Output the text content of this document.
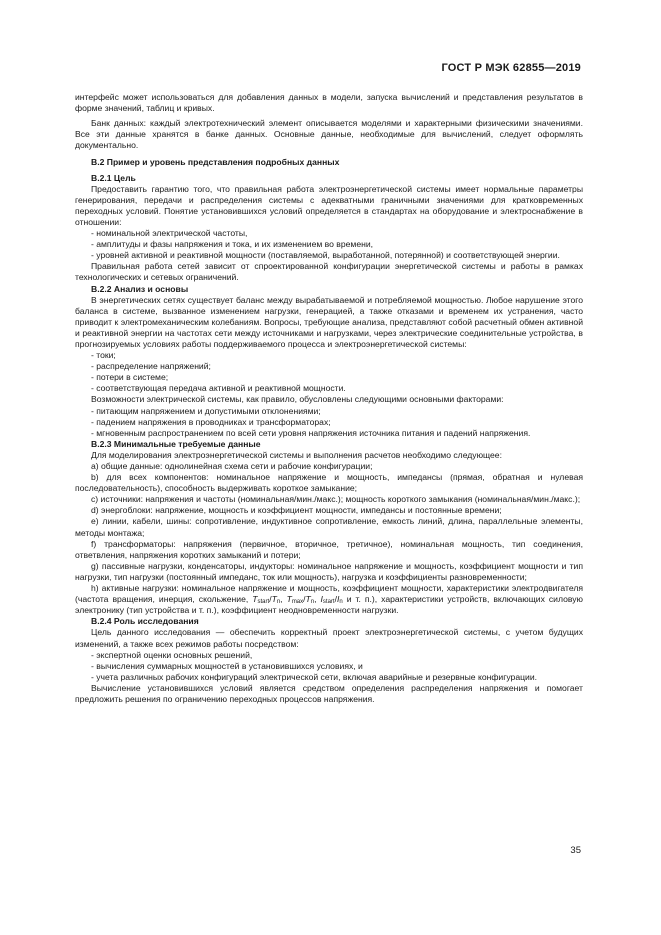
ГОСТ Р МЭК 62855—2019

интерфейс может использоваться для добавления данных в модели, запуска вычислений и представления результатов в форме значений, таблиц и кривых.

Банк данных: каждый электротехнический элемент описывается моделями и характерными физическими значениями. Все эти данные хранятся в банке данных. Основные данные, необходимые для вычислений, следует оформлять документально.

В.2 Пример и уровень представления подробных данных

В.2.1 Цель

Предоставить гарантию того, что правильная работа электроэнергетической системы имеет нормальные параметры генерирования, передачи и распределения системы с адекватными граничными значениями для кратковременных переходных условий. Понятие установившихся условий определяется в стандартах на оборудование и электроснабжение в отношении:

- номинальной электрической частоты,

- амплитуды и фазы напряжения и тока, и их изменением во времени,

- уровней активной и реактивной мощности (поставляемой, выработанной, потерянной) и соответствующей энергии.

Правильная работа сетей зависит от спроектированной конфигурации энергетической системы и работы в рамках технологических и сетевых ограничений.

В.2.2 Анализ и основы

В энергетических сетях существует баланс между вырабатываемой и потребляемой мощностью. Любое нарушение этого баланса в системе, вызванное изменением нагрузки, генерацией, а также отказами и временем их устранения, часто приводит к электромеханическим колебаниям. Вопросы, требующие анализа, представляют собой расчетный обмен активной и реактивной энергии на частотах сети между источниками и нагрузками, через электрические соединительные устройства, в прогнозируемых условиях работы поддерживаемого процесса и электроэнергетической системы:

- токи;

- распределение напряжений;

- потери в системе;

- соответствующая передача активной и реактивной мощности.

Возможности электрической системы, как правило, обусловлены следующими основными факторами:

- питающим напряжением и допустимыми отклонениями;

- падением напряжения в проводниках и трансформаторах;

- мгновенным распространением по всей сети уровня напряжения источника питания и падений напряжения.

В.2.3 Минимальные требуемые данные

Для моделирования электроэнергетической системы и выполнения расчетов необходимо следующее:

a) общие данные: однолинейная схема сети и рабочие конфигурации;

b) для всех компонентов: номинальное напряжение и мощность, импедансы (прямая, обратная и нулевая последовательность), способность выдерживать короткое замыкание;

c) источники: напряжения и частоты (номинальная/мин./макс.); мощность короткого замыкания (номинальная/мин./макс.);

d) энергоблоки: напряжение, мощность и коэффициент мощности, импедансы и постоянные времени;

e) линии, кабели, шины: сопротивление, индуктивное сопротивление, емкость линий, длина, параллельные элементы, методы монтажа;

f) трансформаторы: напряжения (первичное, вторичное, третичное), номинальная мощность, тип соединения, ответвления, напряжения коротких замыканий и потери;

g) пассивные нагрузки, конденсаторы, индукторы: номинальное напряжение и мощность, коэффициент мощности и тип нагрузки, тип нагрузки (постоянный импеданс, ток или мощность), нагрузка и коэффициенты разновременности;

h) активные нагрузки: номинальное напряжение и мощность, коэффициент мощности, характеристики электродвигателя (частота вращения, инерция, скольжение, $T_{start}/T_n$, $T_{max}/T_n$, $I_{start}/I_n$ и т. п.), характеристики устройств, включающих силовую электронику (тип устройства и т. п.), коэффициент неодновременности нагрузки.

В.2.4 Роль исследования

Цель данного исследования — обеспечить корректный проект электроэнергетической системы, с учетом будущих изменений, а также всех режимов работы посредством:

- экспертной оценки основных решений,

- вычисления суммарных мощностей в установившихся условиях, и

- учета различных рабочих конфигураций электрической сети, включая аварийные и резервные конфигурации.

Вычисление установившихся условий является средством определения распределения напряжения и помогает предложить решения по ограничению переходных процессов напряжения.

35
